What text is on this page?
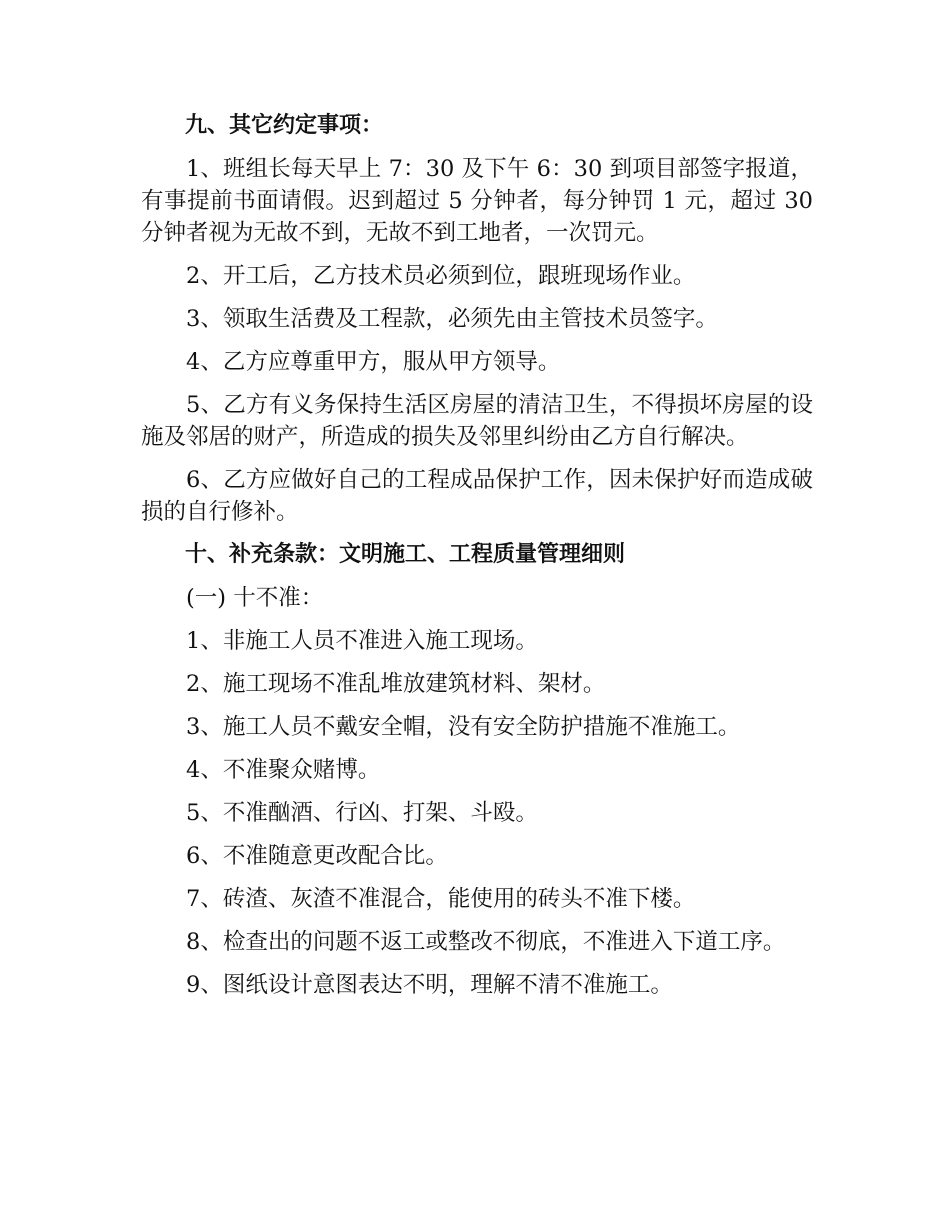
九、其它约定事项：
1、班组长每天早上 7：30 及下午 6：30 到项目部签字报道，有事提前书面请假。迟到超过 5 分钟者，每分钟罚 1 元，超过 30 分钟者视为无故不到，无故不到工地者，一次罚元。
2、开工后，乙方技术员必须到位，跟班现场作业。
3、领取生活费及工程款，必须先由主管技术员签字。
4、乙方应尊重甲方，服从甲方领导。
5、乙方有义务保持生活区房屋的清洁卫生，不得损坏房屋的设施及邻居的财产，所造成的损失及邻里纠纷由乙方自行解决。
6、乙方应做好自己的工程成品保护工作，因未保护好而造成破损的自行修补。
十、补充条款：文明施工、工程质量管理细则
(一) 十不准：
1、非施工人员不准进入施工现场。
2、施工现场不准乱堆放建筑材料、架材。
3、施工人员不戴安全帽，没有安全防护措施不准施工。
4、不准聚众赌博。
5、不准酗酒、行凶、打架、斗殴。
6、不准随意更改配合比。
7、砖渣、灰渣不准混合，能使用的砖头不准下楼。
8、检查出的问题不返工或整改不彻底，不准进入下道工序。
9、图纸设计意图表达不明，理解不清不准施工。
